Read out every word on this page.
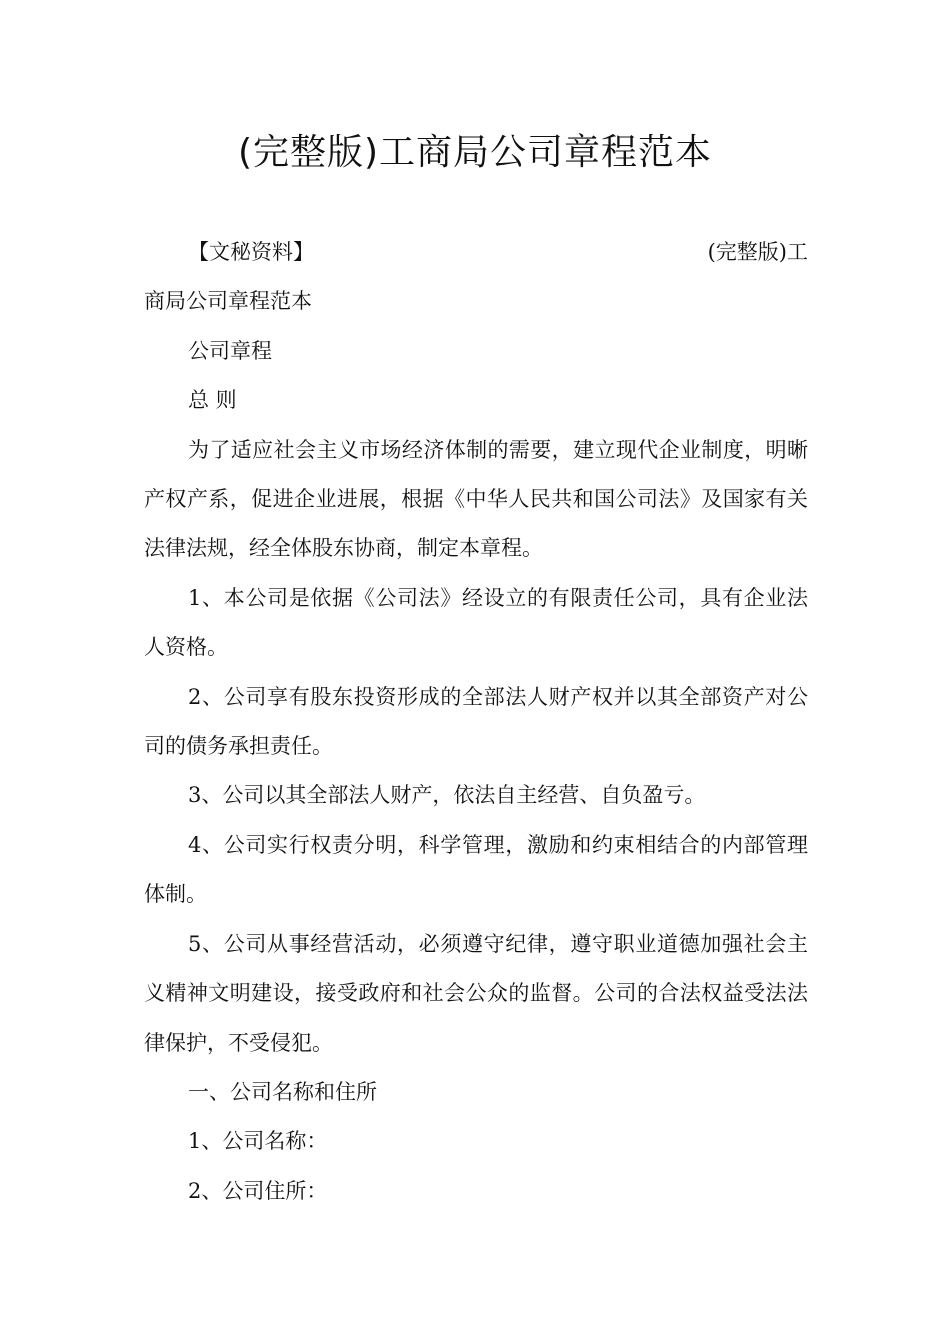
(完整版)工商局公司章程范本
【文秘资料】	(完整版)工
商局公司章程范本

公司章程

总 则

为了适应社会主义市场经济体制的需要，建立现代企业制度，明晰产权产系，促进企业进展，根据《中华人民共和国公司法》及国家有关法律法规，经全体股东协商，制定本章程。

1、本公司是依据《公司法》经设立的有限责任公司，具有企业法人资格。

2、公司享有股东投资形成的全部法人财产权并以其全部资产对公司的债务承担责任。

3、公司以其全部法人财产，依法自主经营、自负盈亏。

4、公司实行权责分明，科学管理，激励和约束相结合的内部管理体制。

5、公司从事经营活动，必须遵守纪律，遵守职业道德加强社会主义精神文明建设，接受政府和社会公众的监督。公司的合法权益受法法律保护，不受侵犯。

一、公司名称和住所

1、公司名称：

2、公司住所：
